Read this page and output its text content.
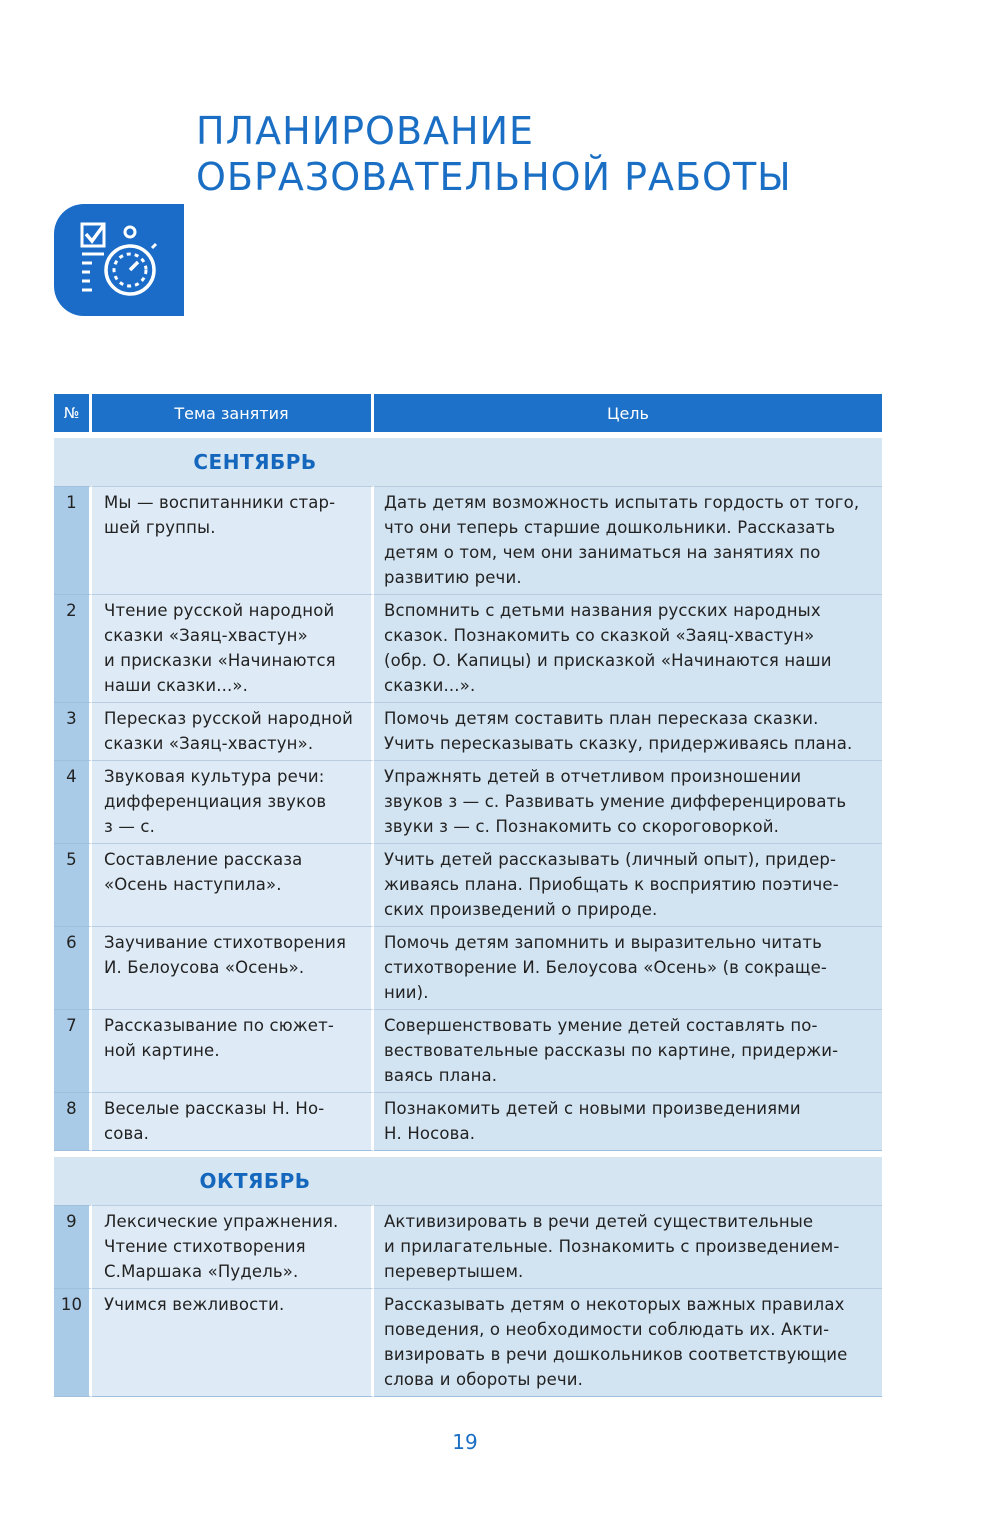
ПЛАНИРОВАНИЕ
ОБРАЗОВАТЕЛЬНОЙ РАБОТЫ
№	Тема занятия	Цель
СЕНТЯБРЬ		
1	Мы — воспитанники стар-
шей группы.	Дать детям возможность испытать гордость от того,
что они теперь старшие дошкольники. Рассказать
детям о том, чем они заниматься на занятиях по
развитию речи.
2	Чтение русской народной
сказки «Заяц-хвастун»
и присказки «Начинаются
наши сказки...».	Вспомнить с детьми названия русских народных
сказок. Познакомить со сказкой «Заяц-хвастун»
(обр. О. Капицы) и присказкой «Начинаются наши
сказки...».
3	Пересказ русской народной
сказки «Заяц-хвастун».	Помочь детям составить план пересказа сказки.
Учить пересказывать сказку, придерживаясь плана.
4	Звуковая культура речи:
дифференциация звуков
з — с.	Упражнять детей в отчетливом произношении
звуков з — с. Развивать умение дифференцировать
звуки з — с. Познакомить со скороговоркой.
5	Составление рассказа
«Осень наступила».	Учить детей рассказывать (личный опыт), придер-
живаясь плана. Приобщать к восприятию поэтиче-
ских произведений о природе.
6	Заучивание стихотворения
И. Белоусова «Осень».	Помочь детям запомнить и выразительно читать
стихотворение И. Белоусова «Осень» (в сокраще-
нии).
7	Рассказывание по сюжет-
ной картине.	Совершенствовать умение детей составлять по-
вествовательные рассказы по картине, придержи-
ваясь плана.
8	Веселые рассказы Н. Но-
сова.	Познакомить детей с новыми произведениями
Н. Носова.
ОКТЯБРЬ		
9	Лексические упражнения.
Чтение стихотворения
С.Маршака «Пудель».	Активизировать в речи детей существительные
и прилагательные. Познакомить с произведением-
перевертышем.
10	Учимся вежливости.	Рассказывать детям о некоторых важных правилах
поведения, о необходимости соблюдать их. Акти-
визировать в речи дошкольников соответствующие
слова и обороты речи.
19
